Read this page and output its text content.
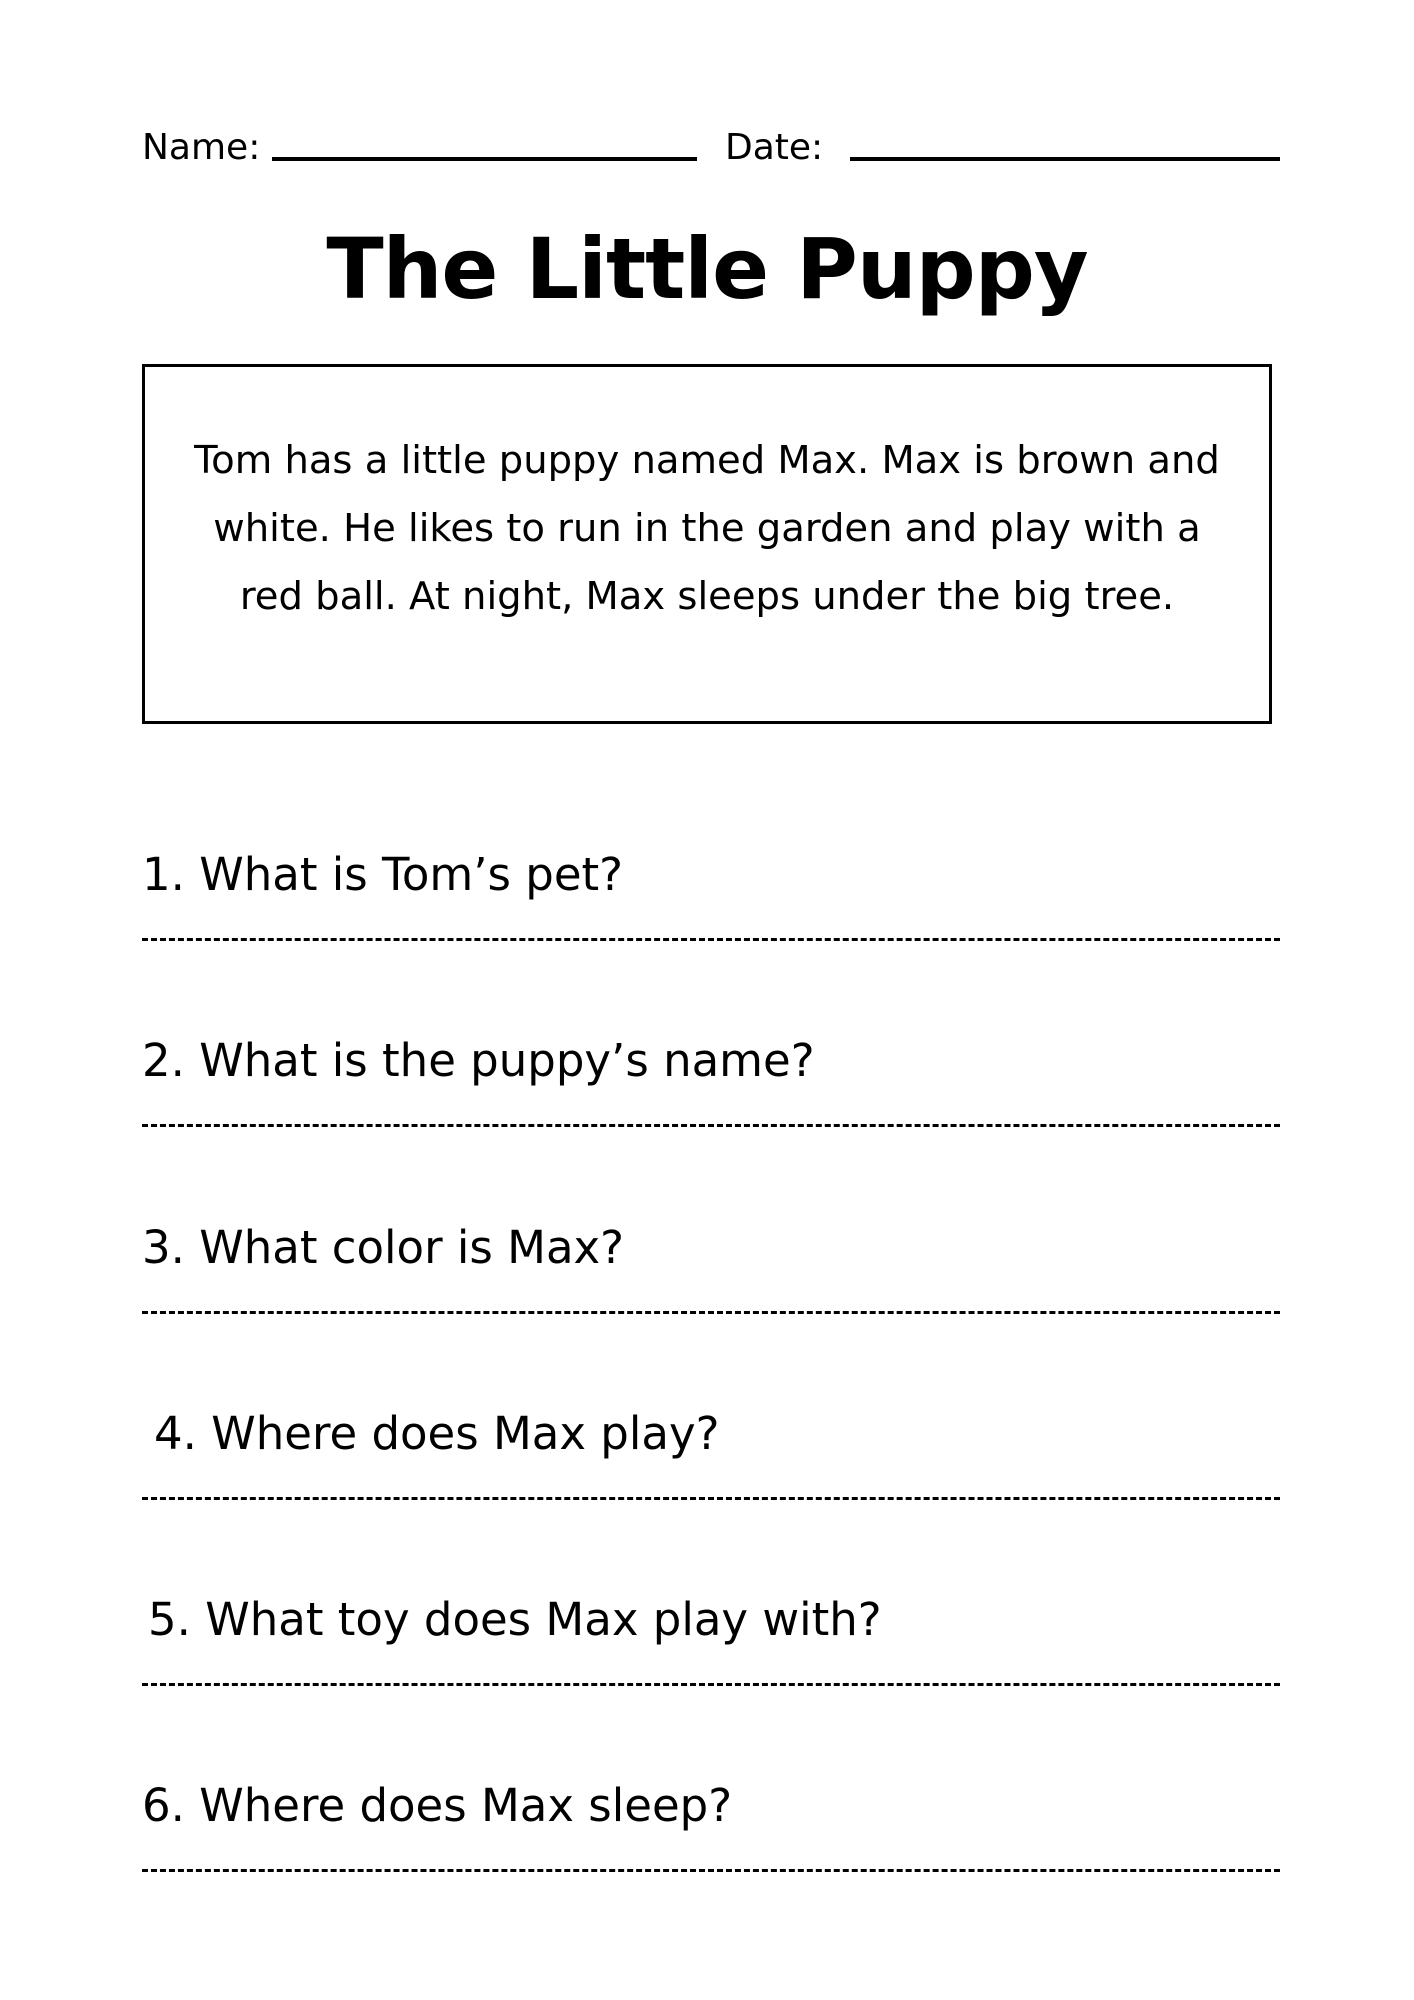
Name:	Date:
The Little Puppy
Tom has a little puppy named Max. Max is brown and white. He likes to run in the garden and play with a red ball. At night, Max sleeps under the big tree.
1. What is Tom’s pet?
2. What is the puppy’s name?
3. What color is Max?
4. Where does Max play?
5. What toy does Max play with?
6. Where does Max sleep?
